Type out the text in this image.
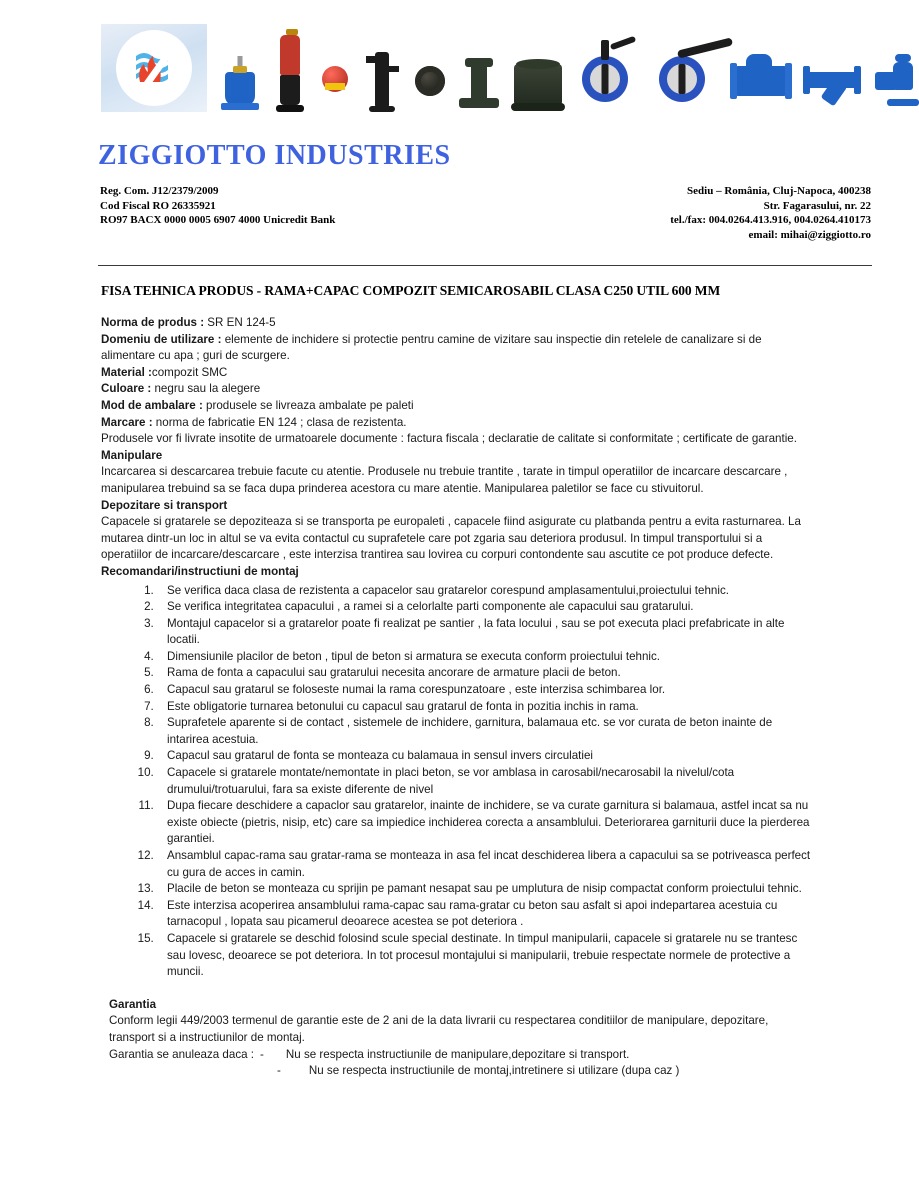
ZIGGIOTTO INDUSTRIES
Reg. Com. J12/2379/2009
Cod Fiscal RO 26335921
RO97 BACX 0000 0005 6907 4000 Unicredit Bank
Sediu – România, Cluj-Napoca, 400238
Str. Fagarasului, nr. 22
tel./fax: 004.0264.413.916, 004.0264.410173
email: mihai@ziggiotto.ro
FISA TEHNICA PRODUS - RAMA+CAPAC COMPOZIT SEMICAROSABIL CLASA C250 UTIL 600 MM

Norma de produs : SR EN 124-5

Domeniu de utilizare : elemente de inchidere si protectie pentru camine de vizitare sau inspectie din retelele de canalizare si de alimentare cu apa ; guri de scurgere.

Material :compozit SMC

Culoare : negru sau la alegere

Mod de ambalare : produsele se livreaza ambalate pe paleti

Marcare : norma de fabricatie EN 124 ; clasa de rezistenta.

Produsele vor fi livrate insotite de urmatoarele documente : factura fiscala ; declaratie de calitate si conformitate ; certificate de garantie.

Manipulare

Incarcarea si descarcarea trebuie facute cu atentie. Produsele nu trebuie trantite , tarate in timpul operatiilor de incarcare descarcare , manipularea trebuind sa se faca dupa prinderea acestora cu mare atentie. Manipularea paletilor se face cu stivuitorul.

Depozitare si transport

Capacele si gratarele se depoziteaza si se transporta pe europaleti , capacele fiind asigurate cu platbanda pentru a evita rasturnarea. La mutarea dintr-un loc in altul se va evita contactul cu suprafetele care pot zgaria sau deteriora produsul. In timpul transportului si a operatiilor de incarcare/descarcare , este interzisa trantirea sau lovirea cu corpuri contondente sau ascutite ce pot produce defecte.

Recomandari/instructiuni de montaj

1. Se verifica daca clasa de rezistenta a capacelor sau gratarelor corespund amplasamentului,proiectului tehnic.
2. Se verifica integritatea capacului , a ramei si a celorlalte parti componente ale capacului sau gratarului.
3. Montajul capacelor si a gratarelor poate fi realizat pe santier , la fata locului , sau se pot executa placi prefabricate in alte locatii.
4. Dimensiunile placilor de beton , tipul de beton si armatura se executa conform proiectului tehnic.
5. Rama de fonta a capacului sau gratarului necesita ancorare de armature placii de beton.
6. Capacul sau gratarul se foloseste numai la rama corespunzatoare , este interzisa schimbarea lor.
7. Este obligatorie turnarea betonului cu capacul sau gratarul de fonta in pozitia inchis in rama.
8. Suprafetele aparente si de contact , sistemele de inchidere, garnitura, balamaua etc. se vor curata de beton inainte de intarirea acestuia.
9. Capacul sau gratarul de fonta se monteaza cu balamaua in sensul invers circulatiei
10. Capacele si gratarele montate/nemontate in placi beton, se vor amblasa in carosabil/necarosabil la nivelul/cota drumului/trotuarului, fara sa existe diferente de nivel
11. Dupa fiecare deschidere a capaclor sau gratarelor, inainte de inchidere, se va curate garnitura si balamaua, astfel incat sa nu existe obiecte (pietris, nisip, etc) care sa impiedice inchiderea corecta a ansamblului. Deteriorarea garniturii duce la pierderea garantiei.
12. Ansamblul capac-rama sau gratar-rama se monteaza in asa fel incat deschiderea libera a capacului sa se potriveasca perfect cu gura de acces in camin.
13. Placile de beton se monteaza cu sprijin pe pamant nesapat sau pe umplutura de nisip compactat conform proiectului tehnic.
14. Este interzisa acoperirea ansamblului rama-capac sau rama-gratar cu beton sau asfalt si apoi indepartarea acestuia cu tarnacopul , lopata sau picamerul deoarece acestea se pot deteriora .
15. Capacele si gratarele se deschid folosind scule special destinate. In timpul manipularii, capacele si gratarele nu se trantesc sau lovesc, deoarece se pot deteriora. In tot procesul montajului si manipularii, trebuie respectate normele de protective a muncii.

Garantia

Conform legii 449/2003 termenul de garantie este de 2 ani de la data livrarii cu respectarea conditiilor de manipulare, depozitare, transport si a instructiunilor de montaj.

Garantia se anuleaza daca : - Nu se respecta instructiunile de manipulare,depozitare si transport.
- Nu se respecta instructiunile de montaj,intretinere si utilizare (dupa caz )
